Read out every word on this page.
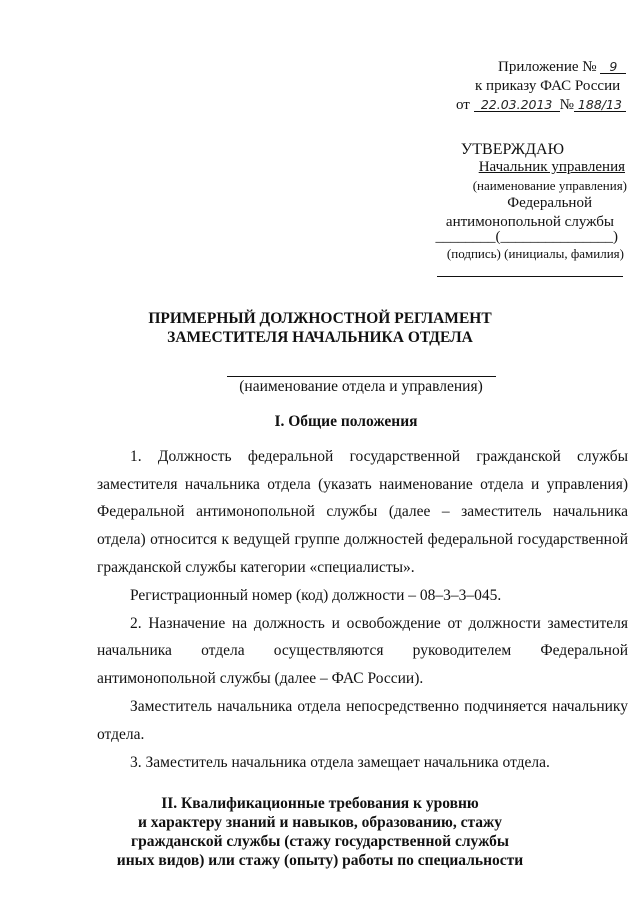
Приложение № 9
к приказу ФАС России
от 22.03.2013 № 188/13
УТВЕРЖДАЮ
Начальник управления
(наименование управления)
Федеральной
антимонопольной службы
________(_______________)
(подпись) (инициалы, фамилия)
ПРИМЕРНЫЙ ДОЛЖНОСТНОЙ РЕГЛАМЕНТ
ЗАМЕСТИТЕЛЯ НАЧАЛЬНИКА ОТДЕЛА
(наименование отдела и управления)
I. Общие положения
1. Должность федеральной государственной гражданской службы
заместителя начальника отдела (указать наименование отдела и управления)
Федеральной антимонопольной службы (далее – заместитель начальника
отдела) относится к ведущей группе должностей федеральной государственной
гражданской службы категории «специалисты».
Регистрационный номер (код) должности – 08–3–3–045.
2. Назначение на должность и освобождение от должности заместителя
начальника отдела осуществляются руководителем Федеральной
антимонопольной службы (далее – ФАС России).
Заместитель начальника отдела непосредственно подчиняется начальнику
отдела.
3. Заместитель начальника отдела замещает начальника отдела.
II. Квалификационные требования к уровню
и характеру знаний и навыков, образованию, стажу
гражданской службы (стажу государственной службы
иных видов) или стажу (опыту) работы по специальности
